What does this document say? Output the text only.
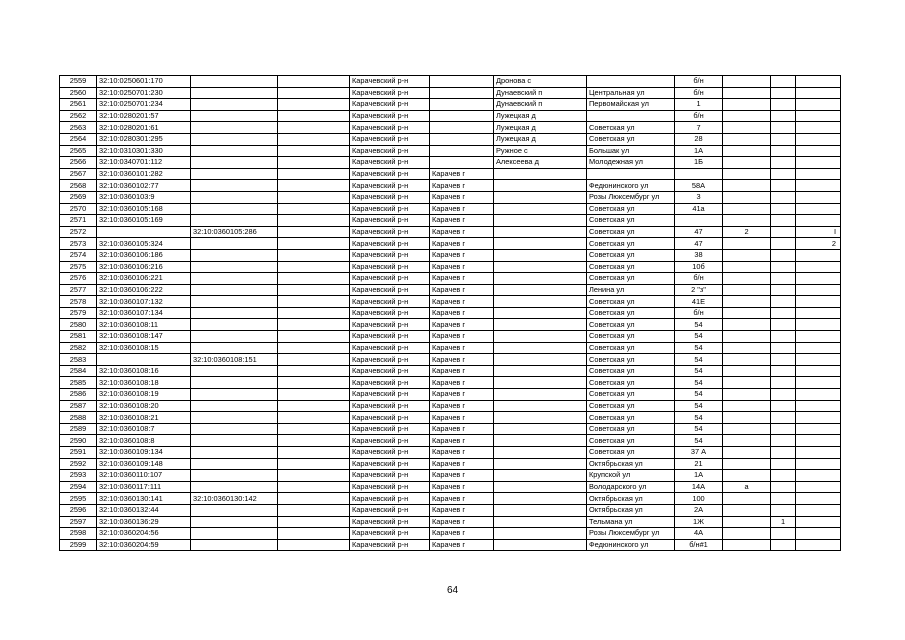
2559	32:10:0250601:170			Карачевский р-н		Дронова с		б/н			
2560	32:10:0250701:230			Карачевский р-н		Дунаевский п	Центральная ул	б/н			
2561	32:10:0250701:234			Карачевский р-н		Дунаевский п	Первомайская ул	1			
2562	32:10:0280201:57			Карачевский р-н		Лужецкая д		б/н			
2563	32:10:0280201:61			Карачевский р-н		Лужецкая д	Советская ул	7			
2564	32:10:0280301:295			Карачевский р-н		Лужецкая д	Советская ул	28			
2565	32:10:0310301:330			Карачевский р-н		Ружное с	Большак ул	1А			
2566	32:10:0340701:112			Карачевский р-н		Алексеева д	Молодежная ул	1Б			
2567	32:10:0360101:282			Карачевский р-н	Карачев г						
2568	32:10:0360102:77			Карачевский р-н	Карачев г		Федюнинского ул	58А			
2569	32:10:0360103:9			Карачевский р-н	Карачев г		Розы Люксембург ул	3			
2570	32:10:0360105:168			Карачевский р-н	Карачев г		Советская ул	41а			
2571	32:10:0360105:169			Карачевский р-н	Карачев г		Советская ул				
2572		32:10:0360105:286		Карачевский р-н	Карачев г		Советская ул	47	2		I
2573	32:10:0360105:324			Карачевский р-н	Карачев г		Советская ул	47			2
2574	32:10:0360106:186			Карачевский р-н	Карачев г		Советская ул	38			
2575	32:10:0360106:216			Карачевский р-н	Карачев г		Советская ул	10б			
2576	32:10:0360106:221			Карачевский р-н	Карачев г		Советская ул	б/н			
2577	32:10:0360106:222			Карачевский р-н	Карачев г		Ленина ул	2 "з"			
2578	32:10:0360107:132			Карачевский р-н	Карачев г		Советская ул	41Е			
2579	32:10:0360107:134			Карачевский р-н	Карачев г		Советская ул	б/н			
2580	32:10:0360108:11			Карачевский р-н	Карачев г		Советская ул	54			
2581	32:10:0360108:147			Карачевский р-н	Карачев г		Советская ул	54			
2582	32:10:0360108:15			Карачевский р-н	Карачев г		Советская ул	54			
2583		32:10:0360108:151		Карачевский р-н	Карачев г		Советская ул	54			
2584	32:10:0360108:16			Карачевский р-н	Карачев г		Советская ул	54			
2585	32:10:0360108:18			Карачевский р-н	Карачев г		Советская ул	54			
2586	32:10:0360108:19			Карачевский р-н	Карачев г		Советская ул	54			
2587	32:10:0360108:20			Карачевский р-н	Карачев г		Советская ул	54			
2588	32:10:0360108:21			Карачевский р-н	Карачев г		Советская ул	54			
2589	32:10:0360108:7			Карачевский р-н	Карачев г		Советская ул	54			
2590	32:10:0360108:8			Карачевский р-н	Карачев г		Советская ул	54			
2591	32:10:0360109:134			Карачевский р-н	Карачев г		Советская ул	37 А			
2592	32:10:0360109:148			Карачевский р-н	Карачев г		Октябрьская ул	21			
2593	32:10:0360110:107			Карачевский р-н	Карачев г		Крупской ул	1А			
2594	32:10:0360117:111			Карачевский р-н	Карачев г		Володарского ул	14А	а		
2595	32:10:0360130:141	32:10:0360130:142		Карачевский р-н	Карачев г		Октябрьская ул	100			
2596	32:10:0360132:44			Карачевский р-н	Карачев г		Октябрьская ул	2А			
2597	32:10:0360136:29			Карачевский р-н	Карачев г		Тельмана ул	1Ж		1	
2598	32:10:0360204:56			Карачевский р-н	Карачев г		Розы Люксембург ул	4А			
2599	32:10:0360204:59			Карачевский р-н	Карачев г		Федюнинского ул	б/н#1			
64
